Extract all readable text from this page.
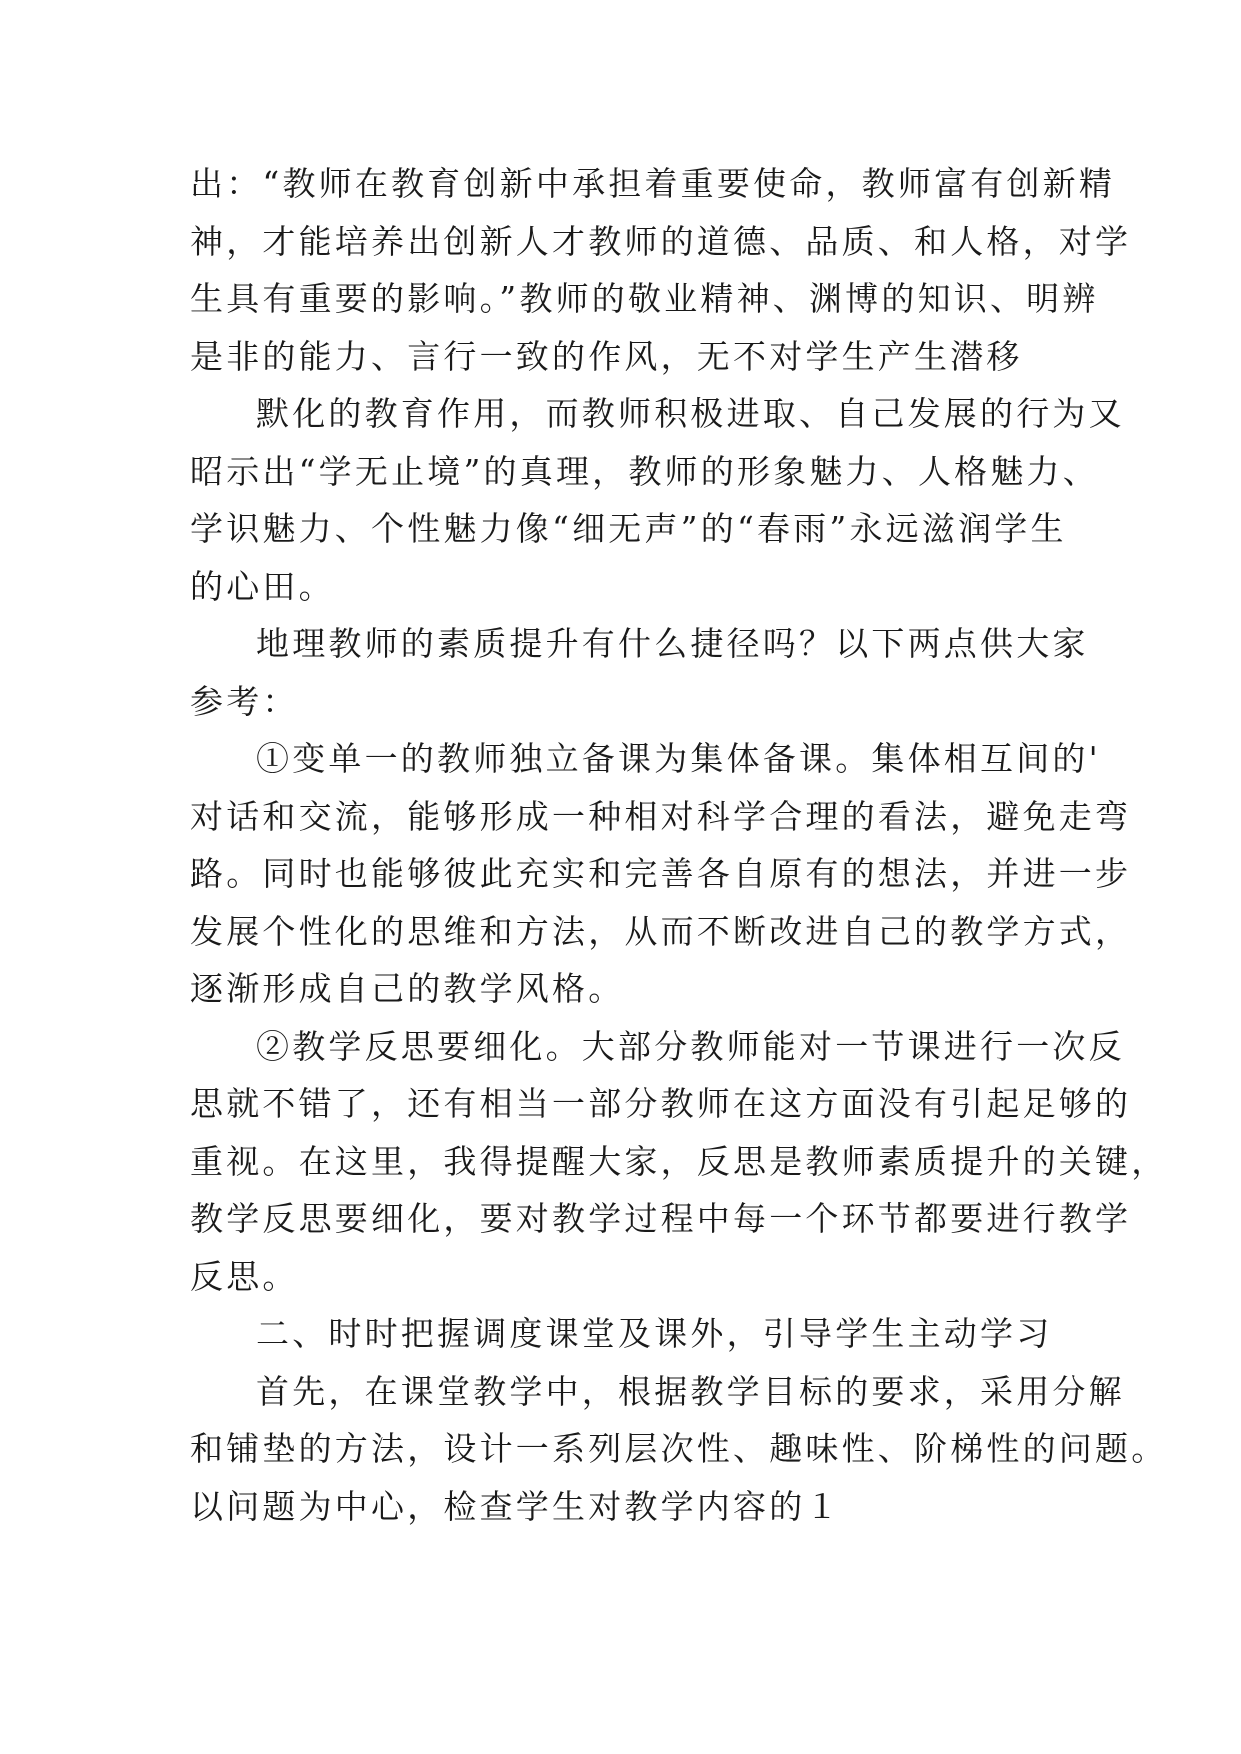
出：“教师在教育创新中承担着重要使命，教师富有创新精
神，才能培养出创新人才教师的道德、品质、和人格，对学
生具有重要的影响。”教师的敬业精神、渊博的知识、明辨
是非的能力、言行一致的作风，无不对学生产生潜移
默化的教育作用，而教师积极进取、自己发展的行为又
昭示出“学无止境”的真理，教师的形象魅力、人格魅力、
学识魅力、个性魅力像“细无声”的“春雨”永远滋润学生
的心田。
地理教师的素质提升有什么捷径吗？以下两点供大家
参考：
①变单一的教师独立备课为集体备课。集体相互间的'
对话和交流，能够形成一种相对科学合理的看法，避免走弯
路。同时也能够彼此充实和完善各自原有的想法，并进一步
发展个性化的思维和方法，从而不断改进自己的教学方式，
逐渐形成自己的教学风格。
②教学反思要细化。大部分教师能对一节课进行一次反
思就不错了，还有相当一部分教师在这方面没有引起足够的
重视。在这里，我得提醒大家，反思是教师素质提升的关键，
教学反思要细化，要对教学过程中每一个环节都要进行教学
反思。
二、时时把握调度课堂及课外，引导学生主动学习
首先，在课堂教学中，根据教学目标的要求，采用分解
和铺垫的方法，设计一系列层次性、趣味性、阶梯性的问题。
以问题为中心，检查学生对教学内容的１
